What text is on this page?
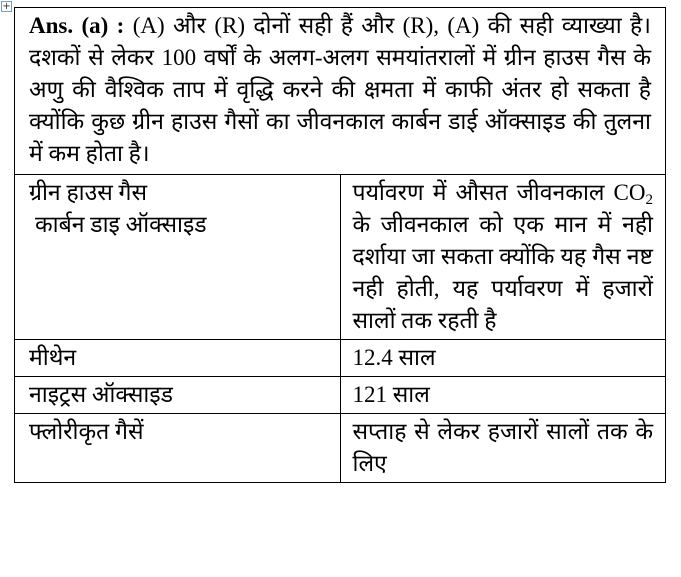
+
Ans. (a) : (A) और (R) दोनों सही हैं और (R), (A) की सही व्याख्या है। दशकों से लेकर 100 वर्षों के अलग-अलग समयांतरालों में ग्रीन हाउस गैस के अणु की वैश्विक ताप में वृद्धि करने की क्षमता में काफी अंतर हो सकता है क्योंकि कुछ ग्रीन हाउस गैसों का जीवनकाल कार्बन डाई ऑक्साइड की तुलना में कम होता है।	

ग्रीन हाउस गैस
कार्बन डाइ ऑक्साइड	पर्यावरण में औसत जीवनकाल $CO_2$ के जीवनकाल को एक मान में नही दर्शाया जा सकता क्योंकि यह गैस नष्ट नही होती, यह पर्यावरण में हजारों सालों तक रहती है
मीथेन	12.4 साल
नाइट्रस ऑक्साइड	121 साल
फ्लोरीकृत गैसें	सप्ताह से लेकर हजारों सालों तक के लिए
